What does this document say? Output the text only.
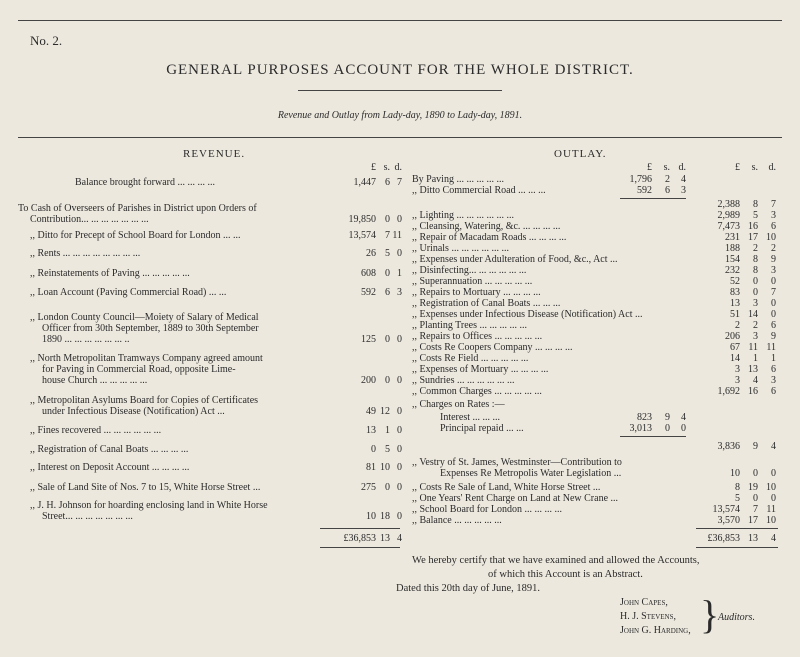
No. 2.
GENERAL PURPOSES ACCOUNT FOR THE WHOLE DISTRICT.
Revenue and Outlay from Lady-day, 1890 to Lady-day, 1891.
REVENUE.
£ s. d.
Balance brought forward ... ... ... ...	1,447 6 7
To Cash of Overseers of Parishes in District upon Orders of
Contribution... ... ... ... ... ... ...	19,850 0 0
,, Ditto for Precept of School Board for London ... ...	13,574 7 11
,, Rents ... ... ... ... ... ... ... ...	26 5 0
,, Reinstatements of Paving ... ... ... ... ...	608 0 1
,, Loan Account (Paving Commercial Road) ... ...	592 6 3
,, London County Council—Moiety of Salary of Medical
Officer from 30th September, 1889 to 30th September
1890 ... ... ... ... ... ... ..	125 0 0
,, North Metropolitan Tramways Company agreed amount
for Paving in Commercial Road, opposite Lime-
house Church ... ... ... ... ...	200 0 0
,, Metropolitan Asylums Board for Copies of Certificates
under Infectious Disease (Notification) Act ...	49 12 0
,, Fines recovered ... ... ... ... ... ...	13 1 0
,, Registration of Canal Boats ... ... ... ...	0 5 0
,, Interest on Deposit Account ... ... ... ...	81 10 0
,, Sale of Land Site of Nos. 7 to 15, White Horse Street ...	275 0 0
,, J. H. Johnson for hoarding enclosing land in White Horse
Street... ... ... ... ... ... ...	10 18 0
£36,853 13 4
OUTLAY.
£	s. d.	£	s.	d.
By Paving ... ... ... ... ...	1,796	2	4
,, Ditto Commercial Road ... ... ...	592	6	3
2,388	8	7
,, Lighting ... ... ... ... ... ...	2,989	5	3
,, Cleansing, Watering, &c. ... ... ... ...	7,473 16	6
,, Repair of Macadam Roads ... ... ... ...	231 17 10
,, Urinals ... ... ... ... ... ...	188	2	2
,, Expenses under Adulteration of Food, &c., Act ...	154	8	9
,, Disinfecting... ... ... ... ... ...	232	8	3
,, Superannuation ... ... ... ... ...	52	0	0
,, Repairs to Mortuary ... ... ... ...	83	0	7
,, Registration of Canal Boats ... ... ...	13	3	0
,, Expenses under Infectious Disease (Notification) Act ...	51 14	0
,, Planting Trees ... ... ... ... ...	2	2	6
,, Repairs to Offices ... ... ... ... ...	206	3	9
,, Costs Re Coopers Company ... ... ... ...	67 11 11
,, Costs Re Field ... ... ... ... ...	14	1	1
,, Expenses of Mortuary ... ... ... ...	3 13	6
,, Sundries ... ... ... ... ... ...	3	4	3
,, Common Charges ... ... ... ... ...	1,692 16	6
,, Charges on Rates :—
Interest ... ... ...	823	9	4
Principal repaid ... ...	3,013	0	0
3,836	9	4
,, Vestry of St. James, Westminster—Contribution to
Expenses Re Metropolis Water Legislation ...	10	0	0
,, Costs Re Sale of Land, White Horse Street ...	8 19 10
,, One Years' Rent Charge on Land at New Crane ...	5	0	0
,, School Board for London ... ... ... ...	13,574	7 11
,, Balance ... ... ... ... ...	3,570 17 10
£36,853 13	4
We hereby certify that we have examined and allowed the Accounts,
of which this Account is an Abstract.
Dated this 20th day of June, 1891.
John Capes,
H. J. Stevens,
John G. Harding, }
Auditors.
